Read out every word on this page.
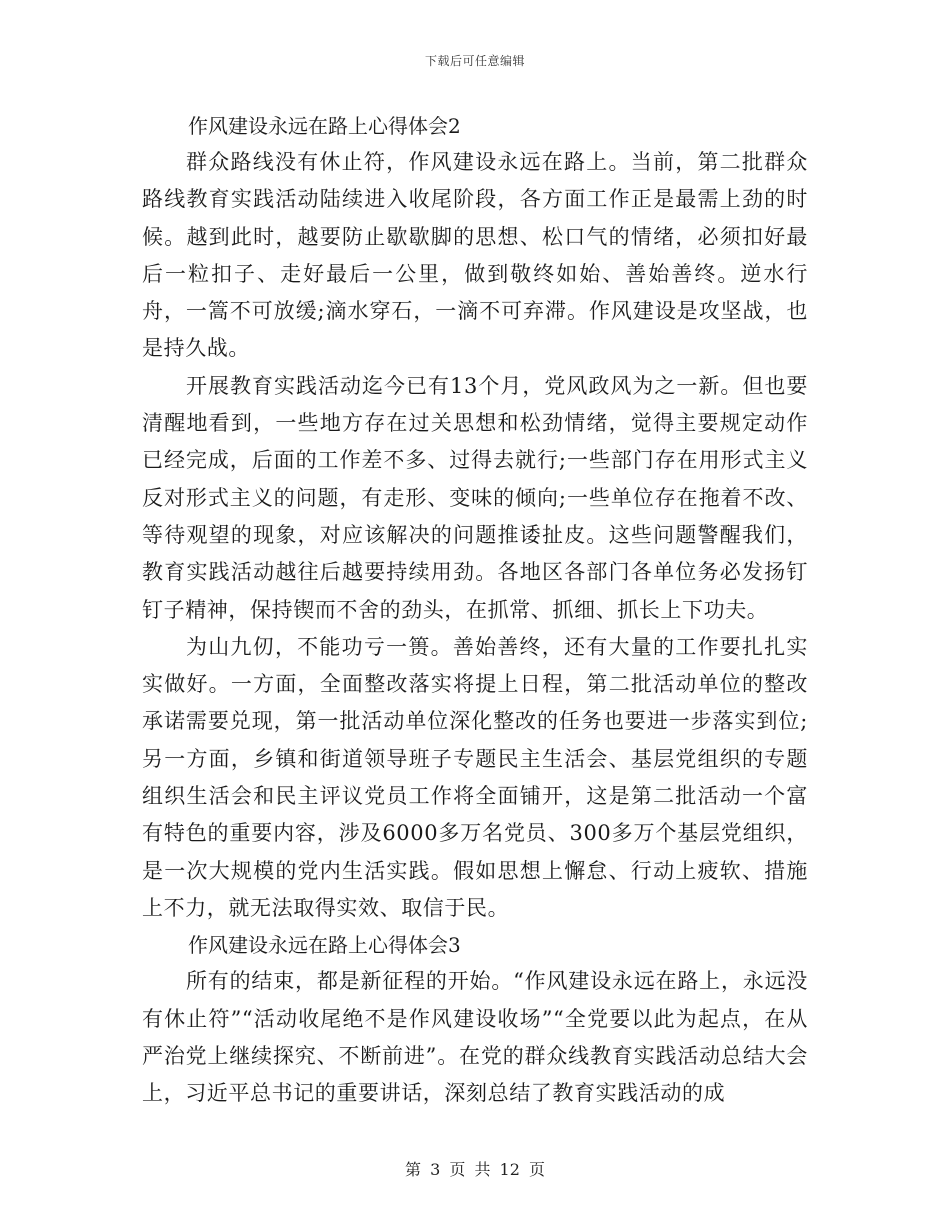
下载后可任意编辑

作风建设永远在路上心得体会2

群众路线没有休止符，作风建设永远在路上。当前，第二批群众路线教育实践活动陆续进入收尾阶段，各方面工作正是最需上劲的时候。越到此时，越要防止歇歇脚的思想、松口气的情绪，必须扣好最后一粒扣子、走好最后一公里，做到敬终如始、善始善终。逆水行舟，一篙不可放缓;滴水穿石，一滴不可弃滞。作风建设是攻坚战，也是持久战。

开展教育实践活动迄今已有13个月，党风政风为之一新。但也要清醒地看到，一些地方存在过关思想和松劲情绪，觉得主要规定动作已经完成，后面的工作差不多、过得去就行;一些部门存在用形式主义反对形式主义的问题，有走形、变味的倾向;一些单位存在拖着不改、等待观望的现象，对应该解决的问题推诿扯皮。这些问题警醒我们，教育实践活动越往后越要持续用劲。各地区各部门各单位务必发扬钉钉子精神，保持锲而不舍的劲头，在抓常、抓细、抓长上下功夫。

为山九仞，不能功亏一篑。善始善终，还有大量的工作要扎扎实实做好。一方面，全面整改落实将提上日程，第二批活动单位的整改承诺需要兑现，第一批活动单位深化整改的任务也要进一步落实到位;另一方面，乡镇和街道领导班子专题民主生活会、基层党组织的专题组织生活会和民主评议党员工作将全面铺开，这是第二批活动一个富有特色的重要内容，涉及6000多万名党员、300多万个基层党组织，是一次大规模的党内生活实践。假如思想上懈怠、行动上疲软、措施上不力，就无法取得实效、取信于民。

作风建设永远在路上心得体会3

所有的结束，都是新征程的开始。“作风建设永远在路上，永远没有休止符”“活动收尾绝不是作风建设收场”“全党要以此为起点，在从严治党上继续探究、不断前进”。在党的群众线教育实践活动总结大会上，习近平总书记的重要讲话，深刻总结了教育实践活动的成

第 3 页 共 12 页
